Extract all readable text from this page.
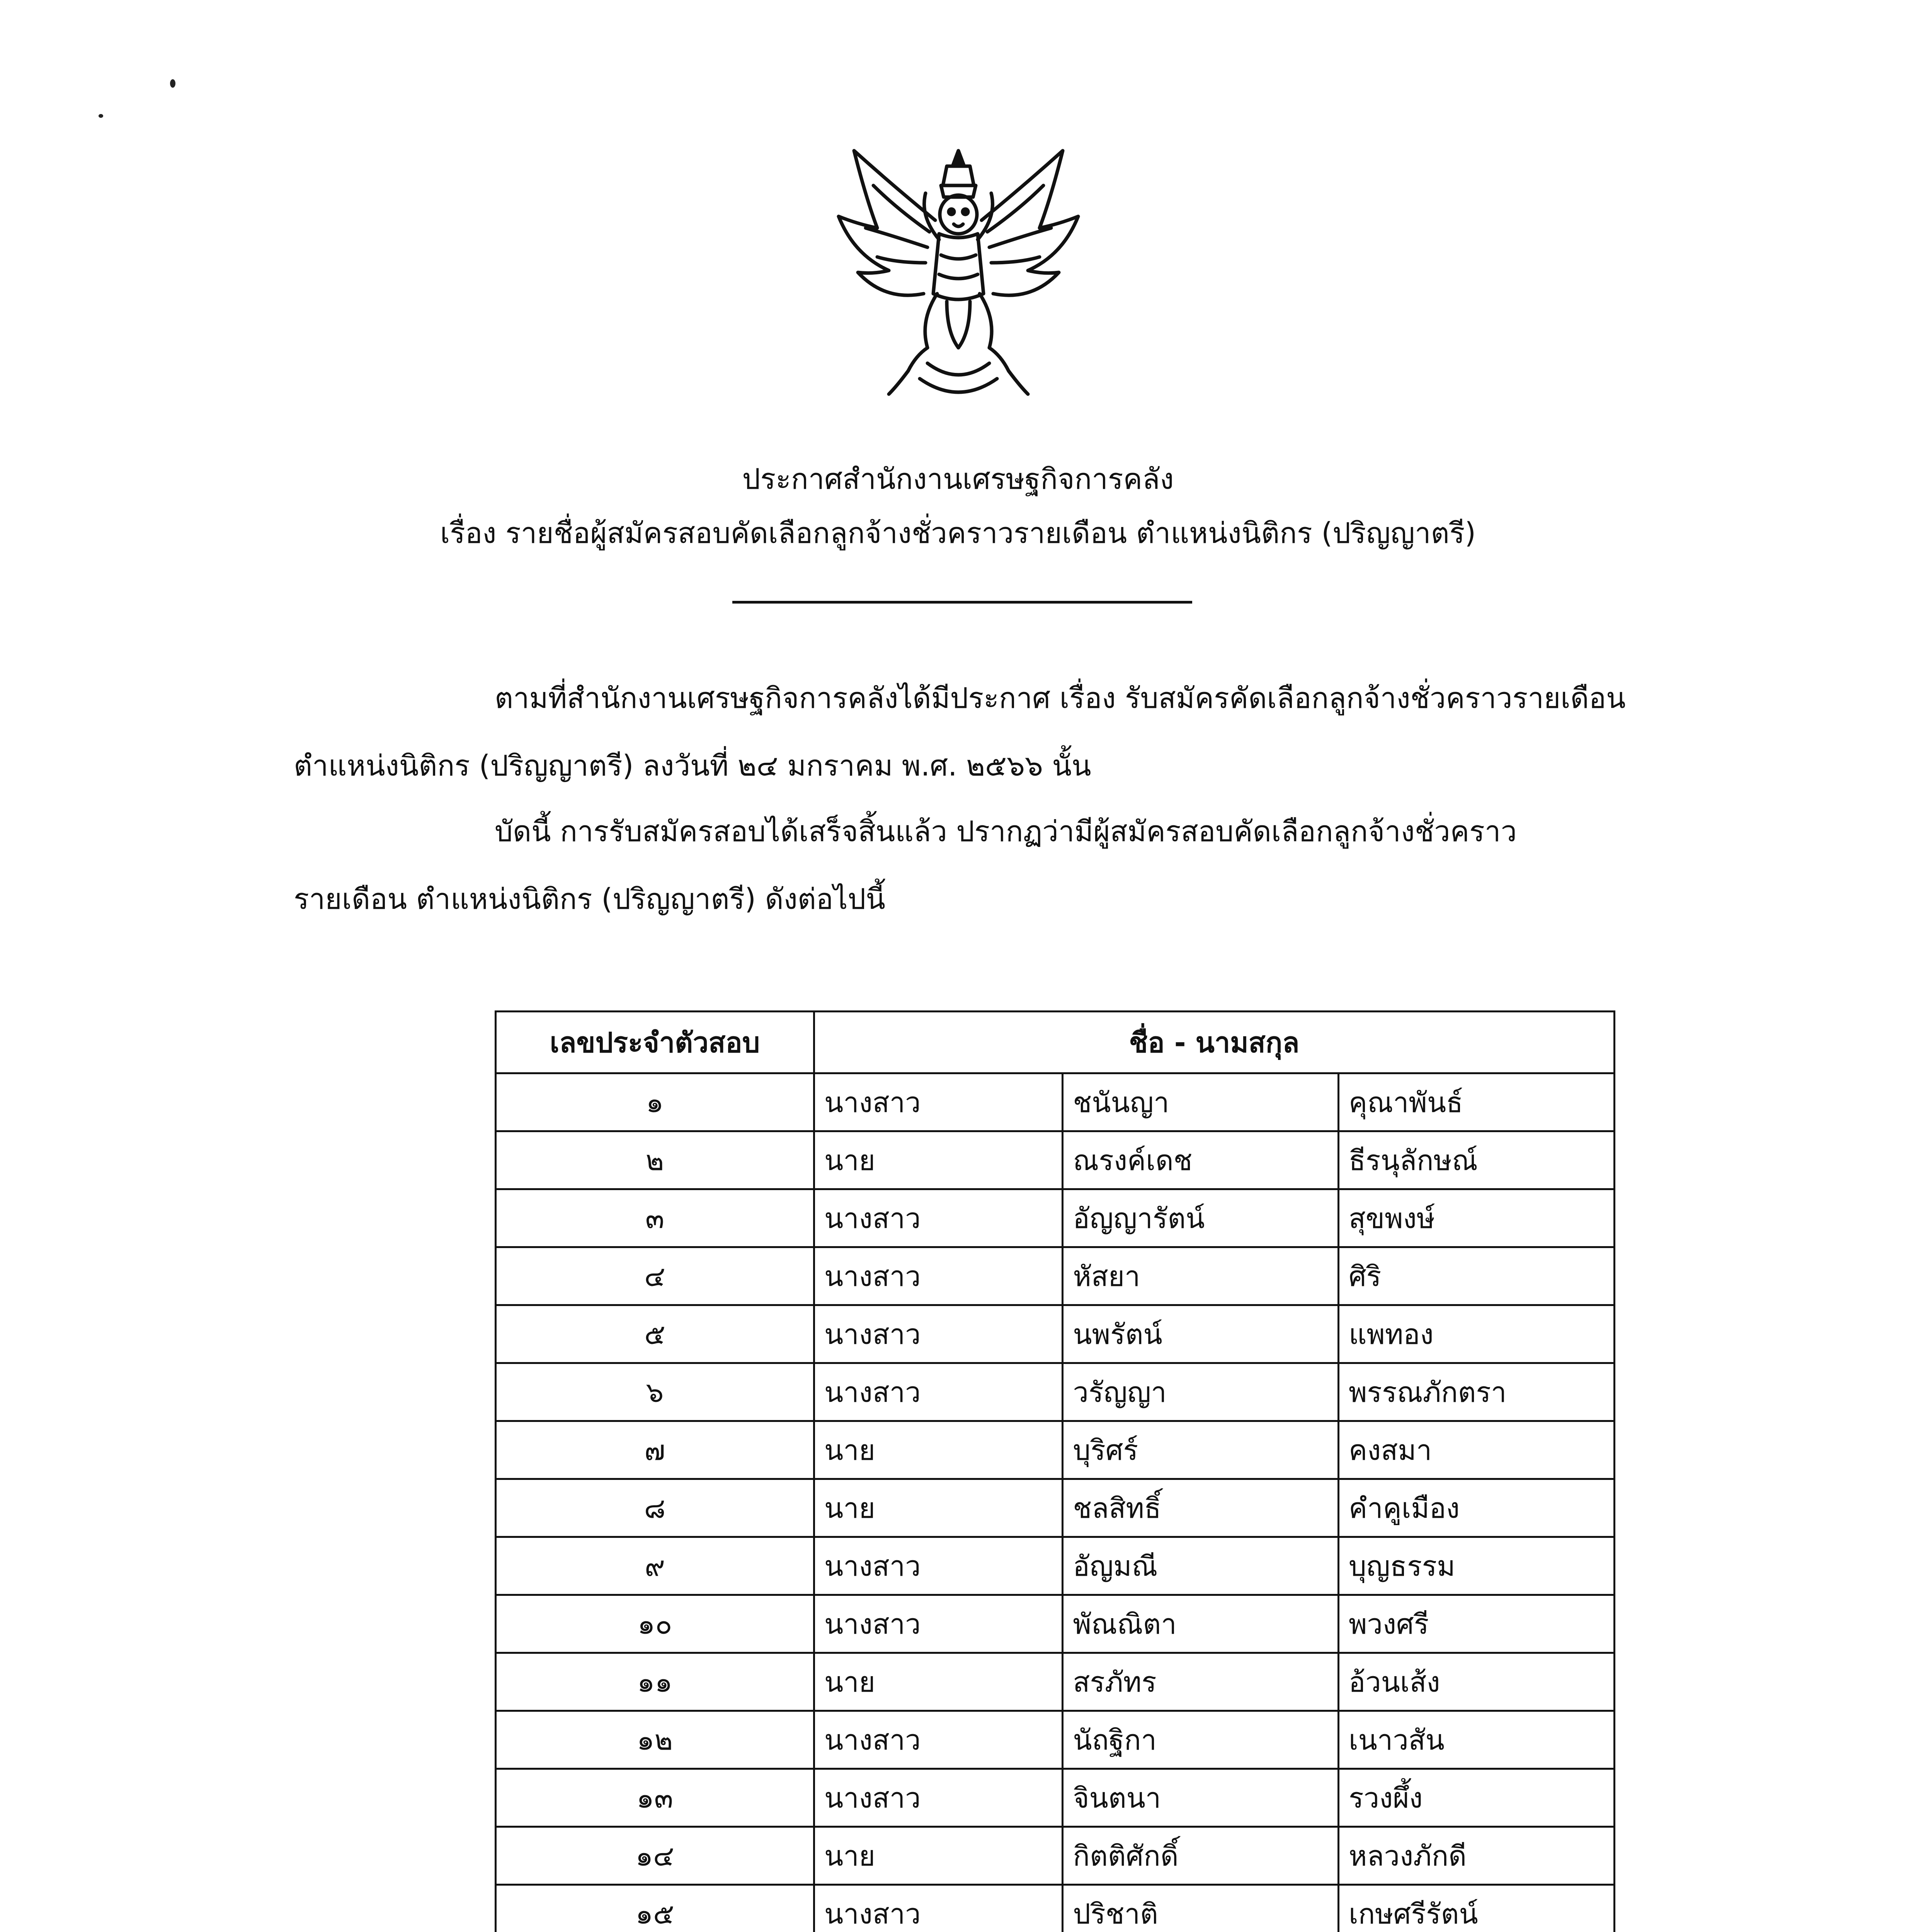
ประกาศสำนักงานเศรษฐกิจการคลัง
เรื่อง รายชื่อผู้สมัครสอบคัดเลือกลูกจ้างชั่วคราวรายเดือน ตำแหน่งนิติกร (ปริญญาตรี)
ตามที่สำนักงานเศรษฐกิจการคลังได้มีประกาศ เรื่อง รับสมัครคัดเลือกลูกจ้างชั่วคราวรายเดือน
ตำแหน่งนิติกร (ปริญญาตรี) ลงวันที่ ๒๔ มกราคม พ.ศ. ๒๕๖๖ นั้น
บัดนี้ การรับสมัครสอบได้เสร็จสิ้นแล้ว ปรากฏว่ามีผู้สมัครสอบคัดเลือกลูกจ้างชั่วคราว
รายเดือน ตำแหน่งนิติกร (ปริญญาตรี) ดังต่อไปนี้
เลขประจำตัวสอบ	ชื่อ - นามสกุล		
๑	นางสาว	ชนันญา	คุณาพันธ์
๒	นาย	ณรงค์เดช	ธีรนุลักษณ์
๓	นางสาว	อัญญารัตน์	สุขพงษ์
๔	นางสาว	หัสยา	ศิริ
๕	นางสาว	นพรัตน์	แพทอง
๖	นางสาว	วรัญญา	พรรณภักตรา
๗	นาย	บุริศร์	คงสมา
๘	นาย	ชลสิทธิ์	คำคูเมือง
๙	นางสาว	อัญมณี	บุญธรรม
๑๐	นางสาว	พัณณิตา	พวงศรี
๑๑	นาย	สรภัทร	อ้วนเส้ง
๑๒	นางสาว	นัถฐิกา	เนาวสัน
๑๓	นางสาว	จินตนา	รวงผึ้ง
๑๔	นาย	กิตติศักดิ์	หลวงภักดี
๑๕	นางสาว	ปริชาติ	เกษศรีรัตน์
